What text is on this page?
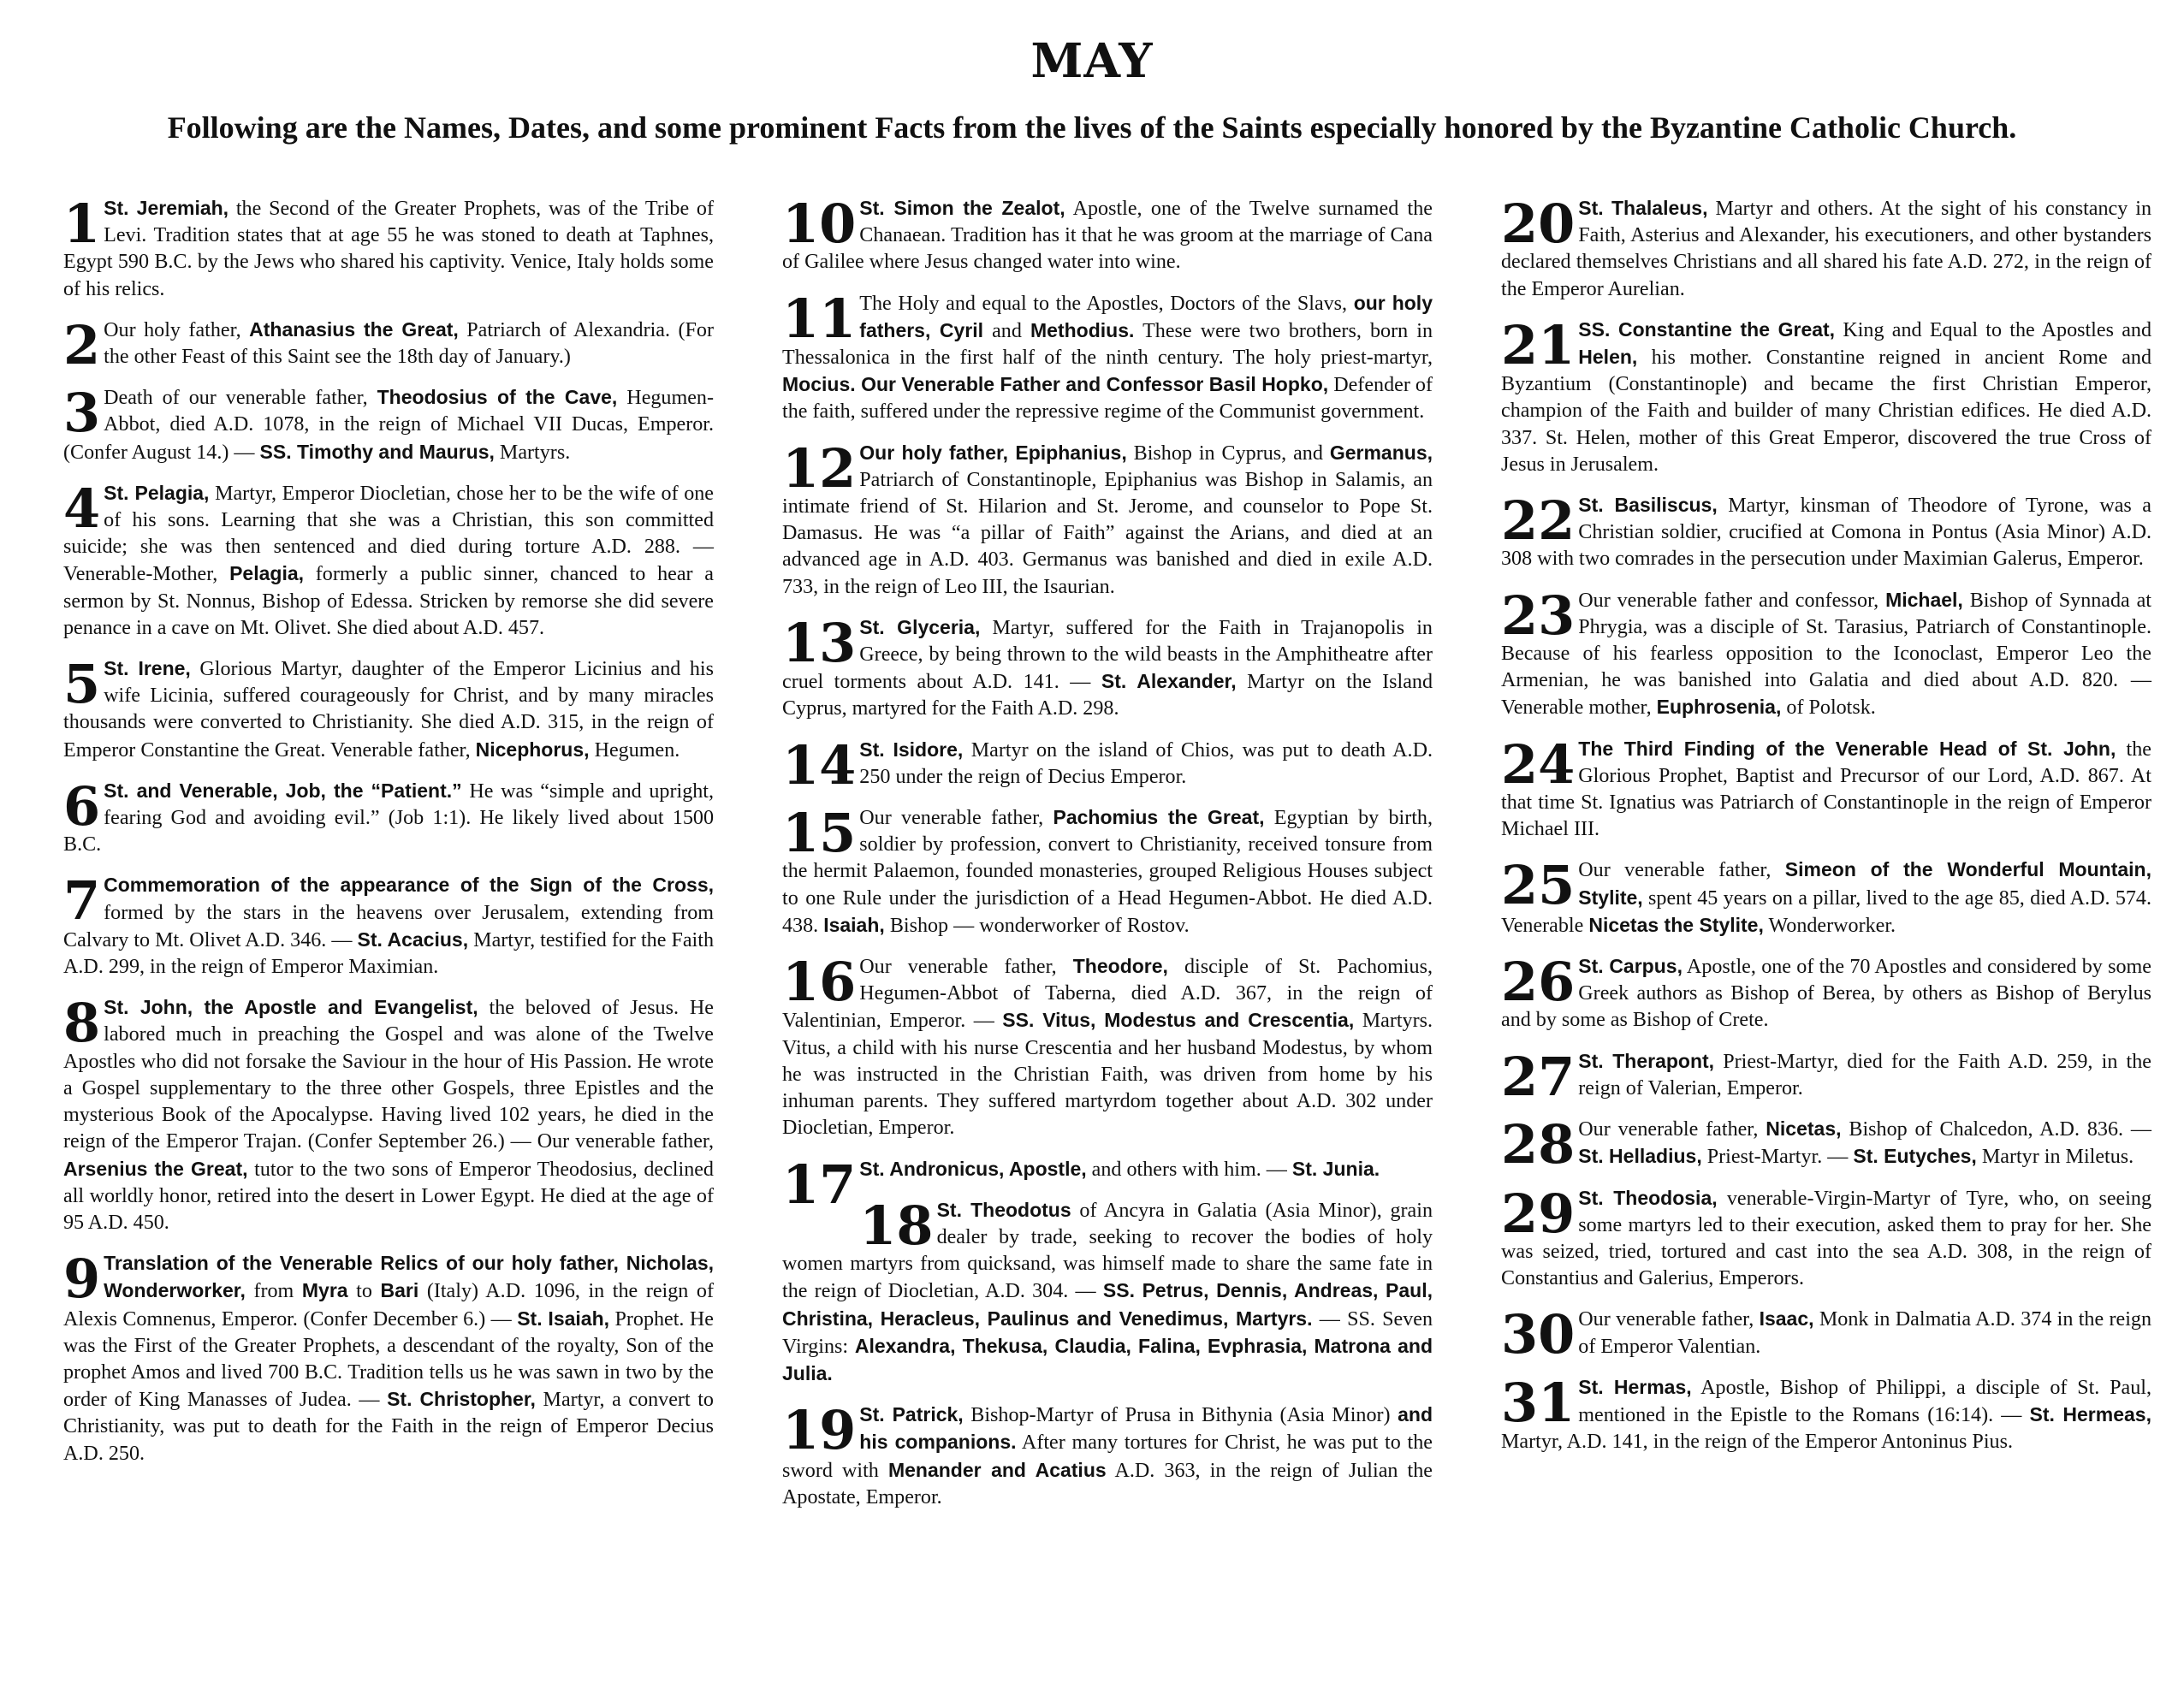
MAY

Following are the Names, Dates, and some prominent Facts from the lives of the Saints especially honored by the Byzantine Catholic Church.

1 St. Jeremiah, the Second of the Greater Prophets, was of the Tribe of Levi. Tradition states that at age 55 he was stoned to death at Taphnes, Egypt 590 B.C. by the Jews who shared his captivity. Venice, Italy holds some of his relics.

2 Our holy father, Athanasius the Great, Patriarch of Alexandria. (For the other Feast of this Saint see the 18th day of January.)

3 Death of our venerable father, Theodosius of the Cave, Hegumen-Abbot, died A.D. 1078, in the reign of Michael VII Ducas, Emperor. (Confer August 14.) — SS. Timothy and Maurus, Martyrs.

4 St. Pelagia, Martyr, Emperor Diocletian, chose her to be the wife of one of his sons. Learning that she was a Christian, this son committed suicide; she was then sentenced and died during torture A.D. 288. — Venerable-Mother, Pelagia, formerly a public sinner, chanced to hear a sermon by St. Nonnus, Bishop of Edessa. Stricken by remorse she did severe penance in a cave on Mt. Olivet. She died about A.D. 457.

5 St. Irene, Glorious Martyr, daughter of the Emperor Licinius and his wife Licinia, suffered courageously for Christ, and by many miracles thousands were converted to Christianity. She died A.D. 315, in the reign of Emperor Constantine the Great. Venerable father, Nicephorus, Hegumen.

6 St. and Venerable, Job, the “Patient.” He was “simple and upright, fearing God and avoiding evil.” (Job 1:1). He likely lived about 1500 B.C.

7 Commemoration of the appearance of the Sign of the Cross, formed by the stars in the heavens over Jerusalem, extending from Calvary to Mt. Olivet A.D. 346. — St. Acacius, Martyr, testified for the Faith A.D. 299, in the reign of Emperor Maximian.

8 St. John, the Apostle and Evangelist, the beloved of Jesus. He labored much in preaching the Gospel and was alone of the Twelve Apostles who did not forsake the Saviour in the hour of His Passion. He wrote a Gospel supplementary to the three other Gospels, three Epistles and the mysterious Book of the Apocalypse. Having lived 102 years, he died in the reign of the Emperor Trajan. (Confer September 26.) — Our venerable father, Arsenius the Great, tutor to the two sons of Emperor Theodosius, declined all worldly honor, retired into the desert in Lower Egypt. He died at the age of 95 A.D. 450.

9 Translation of the Venerable Relics of our holy father, Nicholas, Wonderworker, from Myra to Bari (Italy) A.D. 1096, in the reign of Alexis Comnenus, Emperor. (Confer December 6.) — St. Isaiah, Prophet. He was the First of the Greater Prophets, a descendant of the royalty, Son of the prophet Amos and lived 700 B.C. Tradition tells us he was sawn in two by the order of King Manasses of Judea. — St. Christopher, Martyr, a convert to Christianity, was put to death for the Faith in the reign of Emperor Decius A.D. 250.

10 St. Simon the Zealot, Apostle, one of the Twelve surnamed the Chanaean. Tradition has it that he was groom at the marriage of Cana of Galilee where Jesus changed water into wine.

11 The Holy and equal to the Apostles, Doctors of the Slavs, our holy fathers, Cyril and Methodius. These were two brothers, born in Thessalonica in the first half of the ninth century. The holy priest-martyr, Mocius. Our Venerable Father and Confessor Basil Hopko, Defender of the faith, suffered under the repressive regime of the Communist government.

12 Our holy father, Epiphanius, Bishop in Cyprus, and Germanus, Patriarch of Constantinople, Epiphanius was Bishop in Salamis, an intimate friend of St. Hilarion and St. Jerome, and counselor to Pope St. Damasus. He was “a pillar of Faith” against the Arians, and died at an advanced age in A.D. 403. Germanus was banished and died in exile A.D. 733, in the reign of Leo III, the Isaurian.

13 St. Glyceria, Martyr, suffered for the Faith in Trajanopolis in Greece, by being thrown to the wild beasts in the Amphitheatre after cruel torments about A.D. 141. — St. Alexander, Martyr on the Island Cyprus, martyred for the Faith A.D. 298.

14 St. Isidore, Martyr on the island of Chios, was put to death A.D. 250 under the reign of Decius Emperor.

15 Our venerable father, Pachomius the Great, Egyptian by birth, soldier by profession, convert to Christianity, received tonsure from the hermit Palaemon, founded monasteries, grouped Religious Houses subject to one Rule under the jurisdiction of a Head Hegumen-Abbot. He died A.D. 438. Isaiah, Bishop — wonderworker of Rostov.

16 Our venerable father, Theodore, disciple of St. Pachomius, Hegumen-Abbot of Taberna, died A.D. 367, in the reign of Valentinian, Emperor. — SS. Vitus, Modestus and Crescentia, Martyrs. Vitus, a child with his nurse Crescentia and her husband Modestus, by whom he was instructed in the Christian Faith, was driven from home by his inhuman parents. They suffered martyrdom together about A.D. 302 under Diocletian, Emperor.

17 St. Andronicus, Apostle, and others with him. — St. Junia.

18 St. Theodotus of Ancyra in Galatia (Asia Minor), grain dealer by trade, seeking to recover the bodies of holy women martyrs from quicksand, was himself made to share the same fate in the reign of Diocletian, A.D. 304. — SS. Petrus, Dennis, Andreas, Paul, Christina, Heracleus, Paulinus and Venedimus, Martyrs. — SS. Seven Virgins: Alexandra, Thekusa, Claudia, Falina, Evphrasia, Matrona and Julia.

19 St. Patrick, Bishop-Martyr of Prusa in Bithynia (Asia Minor) and his companions. After many tortures for Christ, he was put to the sword with Menander and Acatius A.D. 363, in the reign of Julian the Apostate, Emperor.

20 St. Thalaleus, Martyr and others. At the sight of his constancy in Faith, Asterius and Alexander, his executioners, and other bystanders declared themselves Christians and all shared his fate A.D. 272, in the reign of the Emperor Aurelian.

21 SS. Constantine the Great, King and Equal to the Apostles and Helen, his mother. Constantine reigned in ancient Rome and Byzantium (Constantinople) and became the first Christian Emperor, champion of the Faith and builder of many Christian edifices. He died A.D. 337. St. Helen, mother of this Great Emperor, discovered the true Cross of Jesus in Jerusalem.

22 St. Basiliscus, Martyr, kinsman of Theodore of Tyrone, was a Christian soldier, crucified at Comona in Pontus (Asia Minor) A.D. 308 with two comrades in the persecution under Maximian Galerus, Emperor.

23 Our venerable father and confessor, Michael, Bishop of Synnada at Phrygia, was a disciple of St. Tarasius, Patriarch of Constantinople. Because of his fearless opposition to the Iconoclast, Emperor Leo the Armenian, he was banished into Galatia and died about A.D. 820. — Venerable mother, Euphrosenia, of Polotsk.

24 The Third Finding of the Venerable Head of St. John, the Glorious Prophet, Baptist and Precursor of our Lord, A.D. 867. At that time St. Ignatius was Patriarch of Constantinople in the reign of Emperor Michael III.

25 Our venerable father, Simeon of the Wonderful Mountain, Stylite, spent 45 years on a pillar, lived to the age 85, died A.D. 574. Venerable Nicetas the Stylite, Wonderworker.

26 St. Carpus, Apostle, one of the 70 Apostles and considered by some Greek authors as Bishop of Berea, by others as Bishop of Berylus and by some as Bishop of Crete.

27 St. Therapont, Priest-Martyr, died for the Faith A.D. 259, in the reign of Valerian, Emperor.

28 Our venerable father, Nicetas, Bishop of Chalcedon, A.D. 836. — St. Helladius, Priest-Martyr. — St. Eutyches, Martyr in Miletus.

29 St. Theodosia, venerable-Virgin-Martyr of Tyre, who, on seeing some martyrs led to their execution, asked them to pray for her. She was seized, tried, tortured and cast into the sea A.D. 308, in the reign of Constantius and Galerius, Emperors.

30 Our venerable father, Isaac, Monk in Dalmatia A.D. 374 in the reign of Emperor Valentian.

31 St. Hermas, Apostle, Bishop of Philippi, a disciple of St. Paul, mentioned in the Epistle to the Romans (16:14). — St. Hermeas, Martyr, A.D. 141, in the reign of the Emperor Antoninus Pius.
